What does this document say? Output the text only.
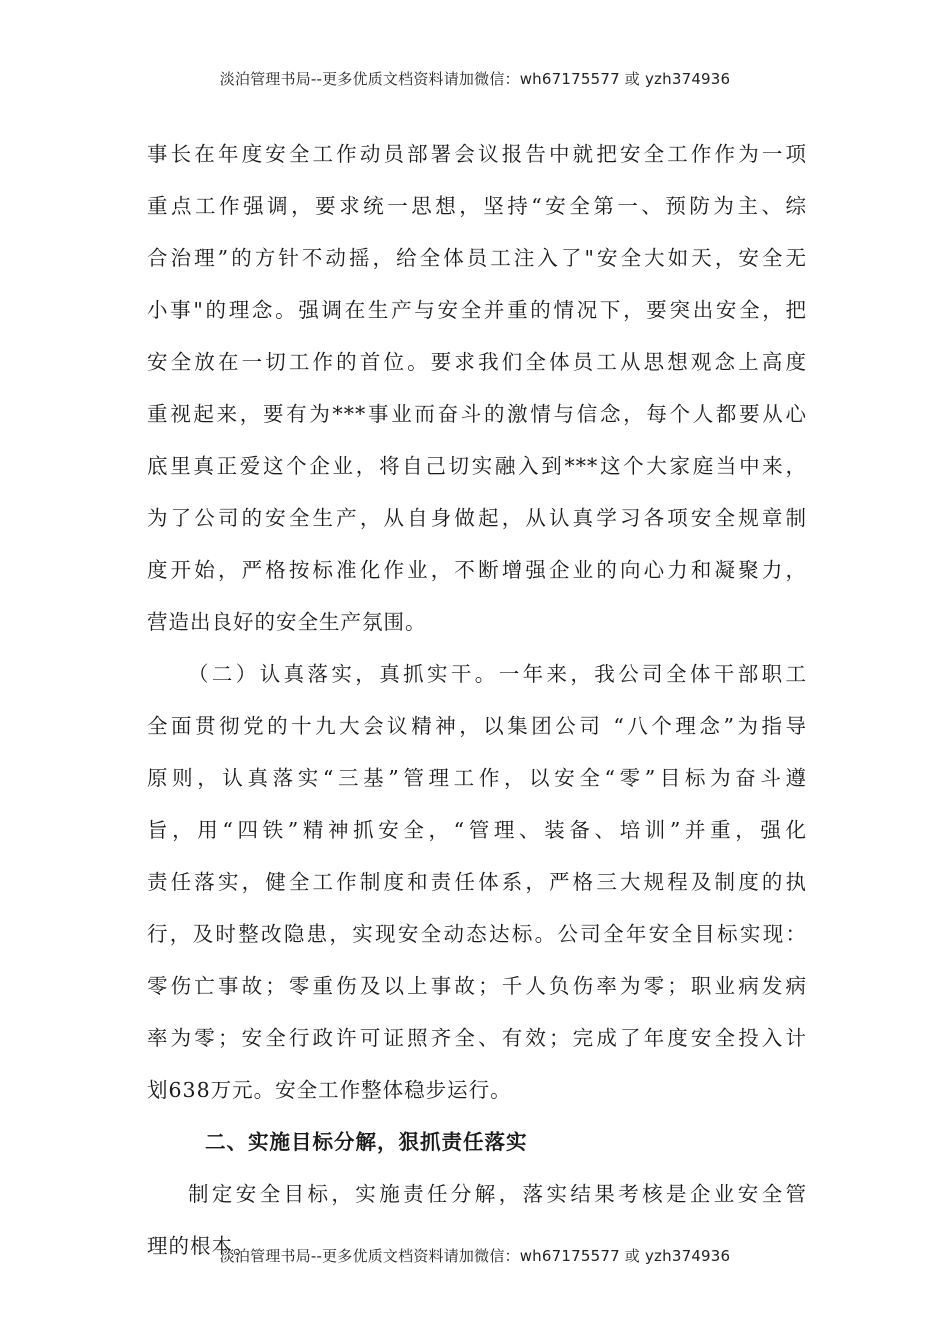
淡泊管理书局--更多优质文档资料请加微信：wh67175577 或 yzh374936
事长在年度安全工作动员部署会议报告中就把安全工作作为一项
重点工作强调，要求统一思想，坚持“安全第一、预防为主、综
合治理”的方针不动摇，给全体员工注入了"安全大如天，安全无
小事"的理念。强调在生产与安全并重的情况下，要突出安全，把
安全放在一切工作的首位。要求我们全体员工从思想观念上高度
重视起来，要有为***事业而奋斗的激情与信念，每个人都要从心
底里真正爱这个企业，将自己切实融入到***这个大家庭当中来，
为了公司的安全生产，从自身做起，从认真学习各项安全规章制
度开始，严格按标准化作业，不断增强企业的向心力和凝聚力，
营造出良好的安全生产氛围。
（二）认真落实，真抓实干。一年来，我公司全体干部职工
全面贯彻党的十九大会议精神，以集团公司 “八个理念”为指导
原则，认真落实“三基”管理工作，以安全“零”目标为奋斗遵
旨，用“四铁”精神抓安全，“管理、装备、培训”并重，强化
责任落实，健全工作制度和责任体系，严格三大规程及制度的执
行，及时整改隐患，实现安全动态达标。公司全年安全目标实现：
零伤亡事故；零重伤及以上事故；千人负伤率为零；职业病发病
率为零；安全行政许可证照齐全、有效；完成了年度安全投入计
划638万元。安全工作整体稳步运行。
二、实施目标分解，狠抓责任落实
制定安全目标，实施责任分解，落实结果考核是企业安全管
理的根本。
淡泊管理书局--更多优质文档资料请加微信：wh67175577 或 yzh374936
